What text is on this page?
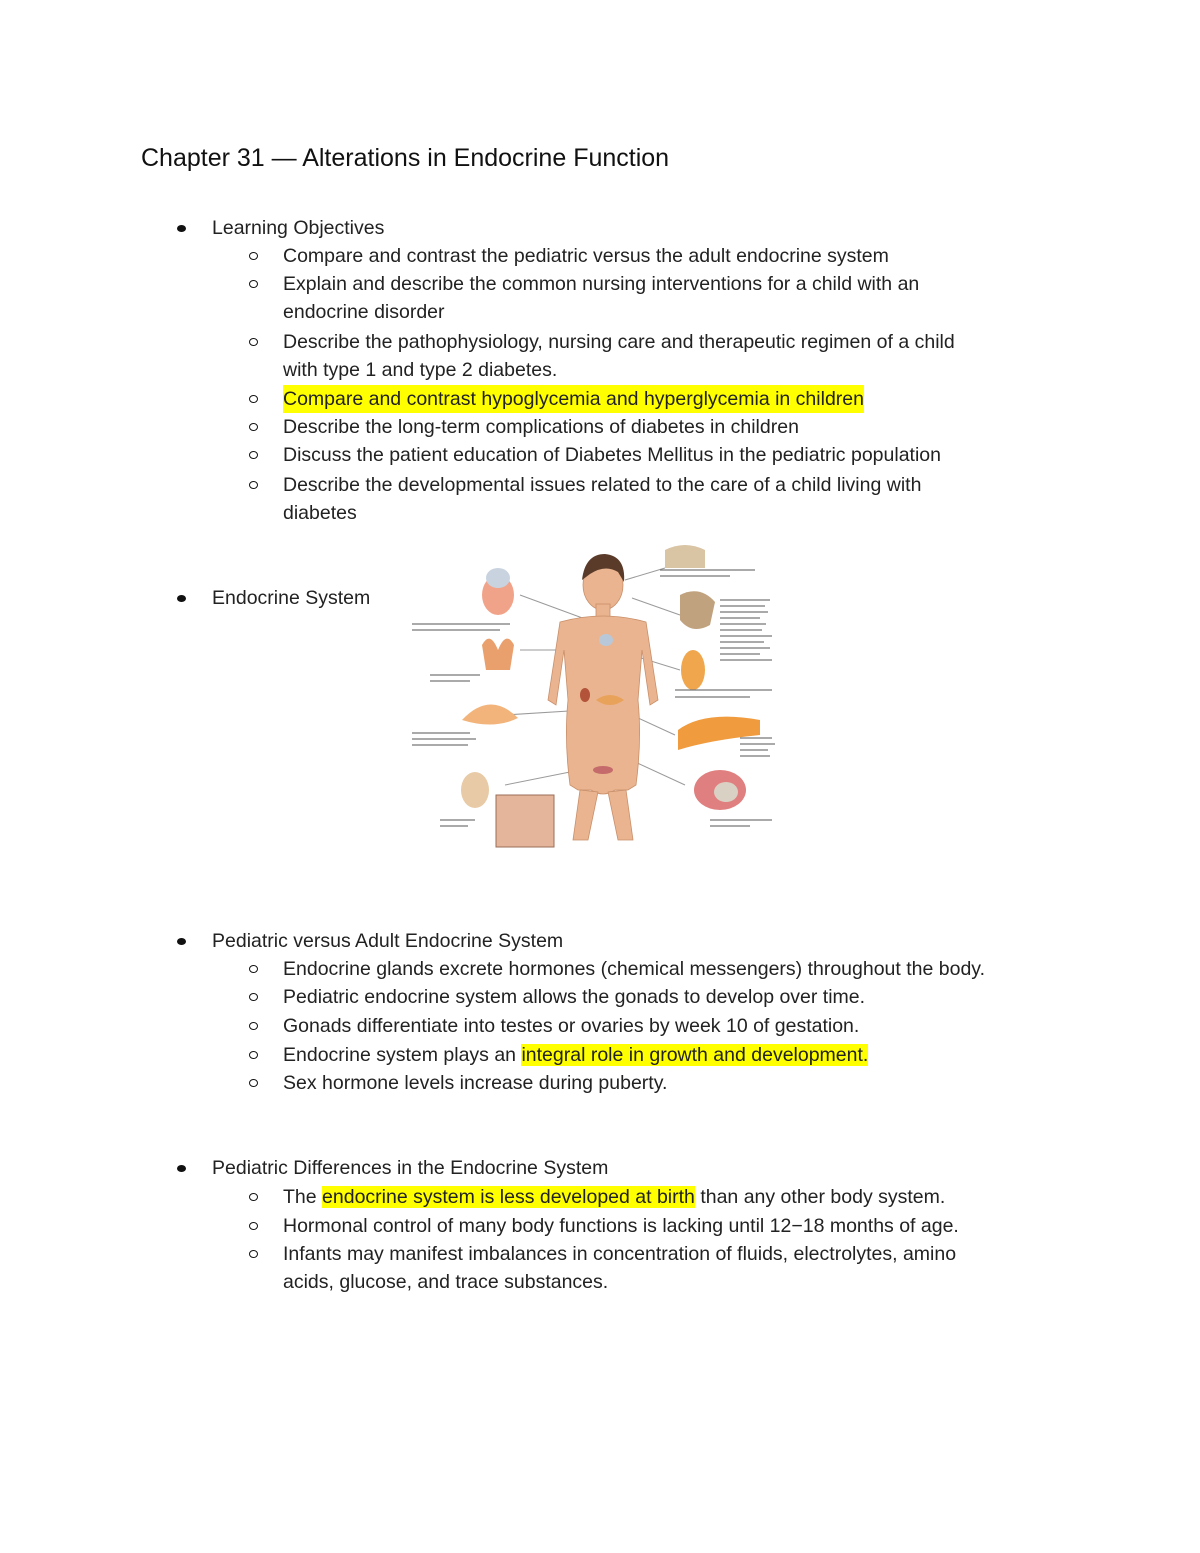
Chapter 31 — Alterations in Endocrine Function
Learning Objectives
Compare and contrast the pediatric versus the adult endocrine system
Explain and describe the common nursing interventions for a child with an
endocrine disorder
Describe the pathophysiology, nursing care and therapeutic regimen of a child
with type 1 and type 2 diabetes.
Compare and contrast hypoglycemia and hyperglycemia in children
Describe the long-term complications of diabetes in children
Discuss the patient education of Diabetes Mellitus in the pediatric population
Describe the developmental issues related to the care of a child living with
diabetes
Endocrine System
Pediatric versus Adult Endocrine System
Endocrine glands excrete hormones (chemical messengers) throughout the body.
Pediatric endocrine system allows the gonads to develop over time.
Gonads differentiate into testes or ovaries by week 10 of gestation.
Endocrine system plays an integral role in growth and development.
Sex hormone levels increase during puberty.
Pediatric Differences in the Endocrine System
The endocrine system is less developed at birth than any other body system.
Hormonal control of many body functions is lacking until 12−18 months of age.
Infants may manifest imbalances in concentration of fluids, electrolytes, amino
acids, glucose, and trace substances.
